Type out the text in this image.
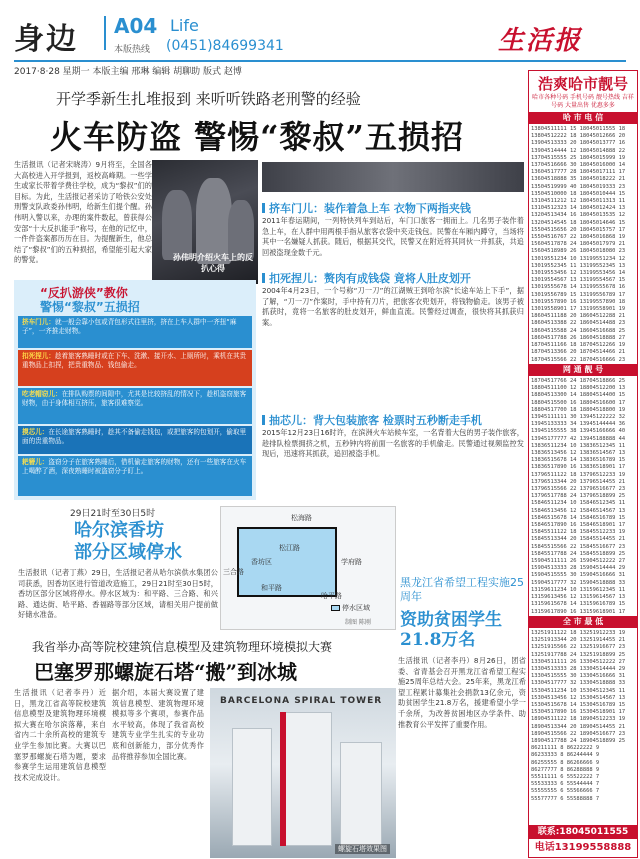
身边 A04 Life
本版热线 (0451)84699341	生活报
2017·8·28 星期一 本版主编 邢琳 编辑 胡聊助 版式 赵博
开学季新生扎堆报到 来听听铁路老刑警的经验
火车防盗 警惕“黎叔”五损招
生活报讯（记者宋晓涛）9月将至，全国各大高校进入开学报到，返校高峰期。一些学生或家长带着学费往学校，成为“黎叔”们的目标。为此，生活报记者采访了哈铁公安处刑警支队政委孙伟明，给新生们提个醒。孙伟明入警以来，办理的案件数起，曾获得公安部“十大反扒能手”称号，在他的记忆中，一件件盗案都历历在目。为提醒新生，他总结了“黎叔”们的五种损招，希望能引起大家的警觉。	孙伟明介绍火车上的反扒心得
挤车门儿：装作着急上车 衣物下两指夹钱
2011年春运期间，一列特快列车到站后，车门口旅客一拥而上。几名男子装作着急上车，在人群中用两根手指从旅客衣袋中夹走钱包。民警在车厢内蹲守，当场将其中一名嫌疑人抓获。随后，根据其交代，民警又在附近将其同伙一并抓获，共追回被盗现金数千元。
扣死捏儿：赘肉有成钱袋 竟将人肚皮划开
2004年4月23日，一个号称“刀一刀”的江湖贼王到哈尔滨“长途车站上下手”，据了解，“刀一刀”作案时，手中持有刀片，把旅客衣兜划开，将钱物偷走。该男子被抓获时，竟将一名旅客的肚皮划开，鲜血直流。民警经过调查，很快将其抓获归案。
抽芯儿：背大包装旅客 检票时五秒断走手机
2015年12月23日16时许，在滨洲火车站候车室，一名背着大包的男子装作旅客，趁排队检票拥挤之机，五秒钟内将前面一名旅客的手机偷走。民警通过视频监控发现后，迅速将其抓获，追回被盗手机。
“反扒游侠”教你
警惕“黎叔”五损招
挤车门儿：就一般会靠小包或背包形式往里挤，挤在上车人群中一齐扭“麻子”，一齐推走财物。
扣死捏儿：趁着旅客熟睡时或在下车、洗漱、接开水、上厕所时，乘机在其贵重物品上扣捏，把贵重物品、钱包偷走。
吃老帽窃儿：在排队购票的间隙中，尤其是比较挤乱的情况下，趁机盗窃旅客财物，由于身体相互挤压，旅客很难察觉。
摸芯儿：在长途旅客熟睡时，趁其不备偷走钱包，或把旅客的包划开，偷取里面的贵重物品。
耙簪儿：盗窃分子在旅客熟睡后，借机偷走旅客的财物，还有一些旅客在火车上喝醉了酒，深夜熟睡时被盗窃分子盯上。
29日21时至30日5时
哈尔滨香坊
部分区域停水
生活报讯（记者丁燕）29日，生活报记者从哈尔滨供水集团公司获悉，因香坊区进行管道改造施工，29日21时至30日5时，香坊区部分区域将停水。停水区域为：和平路、三合路、和兴路、通达街、哈平路、香福路等部分区域，请相关用户提前做好储水准备。
松海路
松江路
学府路
香坊区
和平路
三合路
哈平路
停水区域
制图 陈刚
黑龙江省希望工程实施25周年
资助贫困学生21.8万名
生活报讯（记者李丹）8月26日，团省委、省青基会召开黑龙江省希望工程实施25周年总结大会。25年来，黑龙江希望工程累计募集社会捐款13亿余元，资助贫困学生21.8万名，援建希望小学一千余所，为改善贫困地区办学条件、助推教育公平发挥了重要作用。
我省举办高等院校建筑信息模型及建筑物理环境模拟大赛
巴塞罗那螺旋石塔“搬”到冰城
生活报讯（记者李丹）近日，黑龙江省高等院校建筑信息模型及建筑物理环境模拟大赛在哈尔滨落幕，来自省内二十余所高校的建筑专业学生参加比赛。大赛以巴塞罗那螺旋石塔为题，要求参赛学生运用建筑信息模型技术完成设计。
据介绍，本届大赛设置了建筑信息模型、建筑物理环境模拟等多个赛项，参赛作品水平较高，体现了我省高校建筑专业学生扎实的专业功底和创新能力，部分优秀作品将推荐参加全国比赛。
BARCELONA SPIRAL TOWER
螺旋石塔效果图
浩爽哈市靓号
哈市各种号码 手机号码 靓号热线 吉祥号码 大量出售 优惠多多
哈 市 电 信
13804511111 15 18045011555 18
13804512222 18 18045012666 20
13904513333 20 18045013777 16
13904514444 12 18045014888 22
13704515555 25 18045015999 19
13704516666 30 18045016000 14
13604517777 28 18045017111 17
13604518888 35 18045018222 21
13504519999 40 18045019333 23
13504510000 18 18045010444 15
13104511212 12 18045011313 11
13104512323 14 18045012424 13
13204513434 16 18045013535 12
13204514545 18 18045014646 15
15504515656 20 18045015757 17
15504516767 22 18045016868 19
15604517878 24 18045017979 21
15604518989 26 18045018080 23
13019551234 10 13199551234 12
13019552345 11 13199552345 13
13019553456 12 13199553456 14
13019554567 13 13199554567 15
13019555678 14 13199555678 16
13019556789 15 13199556789 17
13019557890 16 13199557890 18
13019558901 17 13199558901 19
18604511188 20 18604512288 21
18604513388 22 18604514488 23
18604515588 24 18604516688 25
18604517788 26 18604518888 27
18704511166 18 18704512266 19
18704513366 20 18704514466 21
18704515566 22 18704516666 23
网 通 靓 号
18704517766 24 18704518866 25
18804511100 12 18804512200 13
18804513300 14 18804514400 15
18804515500 16 18804516600 17
18804517700 18 18804518800 19
13945111111 30 13945122222 32
13945133333 34 13945144444 36
13945155555 38 13945166666 40
13945177777 42 13945188888 44
13836511234 10 13836512345 11
13836513456 12 13836514567 13
13836515678 14 13836516789 15
13836517890 16 13836518901 17
13796511122 18 13796512233 19
13796513344 20 13796514455 21
13796515566 22 13796516677 23
13796517788 24 13796518899 25
15846511234 10 15846512345 11
15846513456 12 15846514567 13
15846515678 14 15846516789 15
15846517890 16 15846518901 17
15845511122 18 15845512233 19
15845513344 20 15845514455 21
15845515566 22 15845516677 23
15845517788 24 15845518899 25
15904511111 26 15904512222 27
15904513333 28 15904514444 29
15904515555 30 15904516666 31
15904517777 32 15904518888 33
13159611234 10 13159612345 11
13159613456 12 13159614567 13
13159615678 14 13159616789 15
13159617890 16 13159618901 17
全 市 最 低
13251911122 18 13251912233 19
13251913344 20 13251914455 21
13251915566 22 13251916677 23
13251917788 24 13251918899 25
13304511111 26 13304512222 27
13304513333 28 13304514444 29
13304515555 30 13304516666 31
13304517777 32 13304518888 33
15304511234 10 15304512345 11
15304513456 12 15304514567 13
15304515678 14 15304516789 15
15304517890 16 15304518901 17
18904511122 18 18904512233 19
18904513344 20 18904514455 21
18904515566 22 18904516677 23
18904517788 24 18904518899 25
86211111 8 86222222 9
86233333 8 86244444 9
86255555 8 86266666 9
86277777 8 86288888 9
55511111 6 55522222 7
55533333 6 55544444 7
55555555 6 55566666 7
55577777 6 55588888 7
联系:18045011555
电话13199558888
